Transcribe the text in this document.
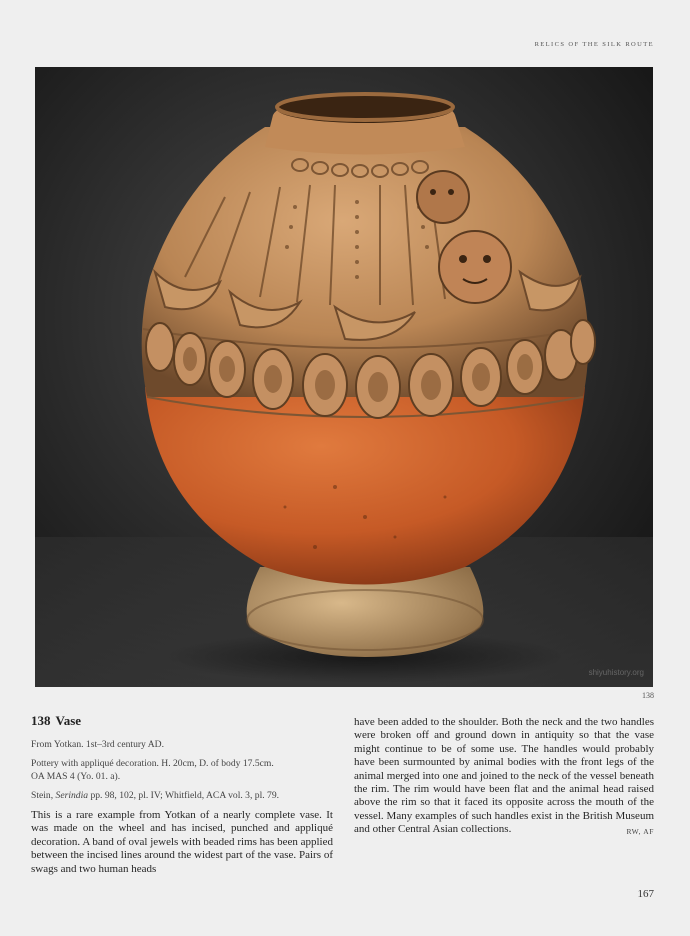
RELICS OF THE SILK ROUTE
shiyuhistory.org
138
138 Vase

From Yotkan. 1st–3rd century AD.

Pottery with appliqué decoration. H. 20cm, D. of body 17.5cm.

OA MAS 4 (Yo. 01. a).

Stein, Serindia pp. 98, 102, pl. IV; Whitfield, ACA vol. 3, pl. 79.

This is a rare example from Yotkan of a nearly complete vase. It was made on the wheel and has incised, punched and appliqué decoration. A band of oval jewels with beaded rims has been applied between the incised lines around the widest part of the vase. Pairs of swags and two human heads

have been added to the shoulder. Both the neck and the two handles were broken off and ground down in antiquity so that the vase might continue to be of some use. The handles would probably have been surmounted by animal bodies with the front legs of the animal merged into one and joined to the neck of the vessel beneath the rim. The rim would have been flat and the animal head raised above the rim so that it faced its opposite across the mouth of the vessel. Many examples of such handles exist in the British Museum and other Central Asian collections.	RW, AF

167
